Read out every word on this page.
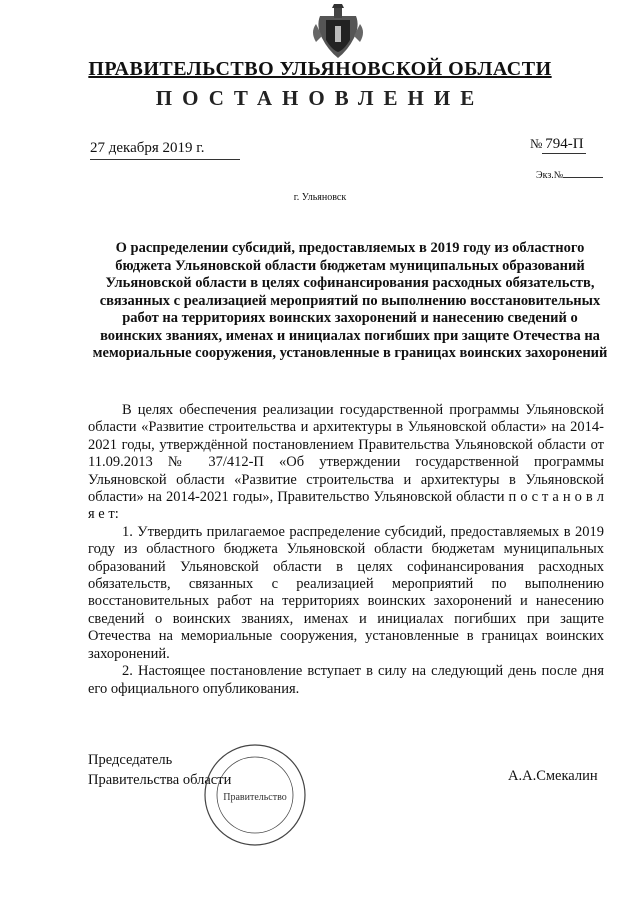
ПРАВИТЕЛЬСТВО УЛЬЯНОВСКОЙ ОБЛАСТИ
ПОСТАНОВЛЕНИЕ
27 декабря 2019 г.	№ 794-П
Экз.№
г. Ульяновск
О распределении субсидий, предоставляемых в 2019 году из областного бюджета Ульяновской области бюджетам муниципальных образований Ульяновской области в целях софинансирования расходных обязательств, связанных с реализацией мероприятий по выполнению восстановительных работ на территориях воинских захоронений и нанесению сведений о воинских званиях, именах и инициалах погибших при защите Отечества на мемориальные сооружения, установленные в границах воинских захоронений

В целях обеспечения реализации государственной программы Ульяновской области «Развитие строительства и архитектуры в Ульяновской области» на 2014-2021 годы, утверждённой постановлением Правительства Ульяновской области от 11.09.2013 № 37/412-П «Об утверждении государственной программы Ульяновской области «Развитие строительства и архитектуры в Ульяновской области» на 2014-2021 годы», Правительство Ульяновской области п о с т а н о в л я е т:

1. Утвердить прилагаемое распределение субсидий, предоставляемых в 2019 году из областного бюджета Ульяновской области бюджетам муниципальных образований Ульяновской области в целях софинансирования расходных обязательств, связанных с реализацией мероприятий по выполнению восстановительных работ на территориях воинских захоронений и нанесению сведений о воинских званиях, именах и инициалах погибших при защите Отечества на мемориальные сооружения, установленные в границах воинских захоронений.

2. Настоящее постановление вступает в силу на следующий день после дня его официального опубликования.

Председатель
Правительства области	А.А.Смекалин
Правительство
